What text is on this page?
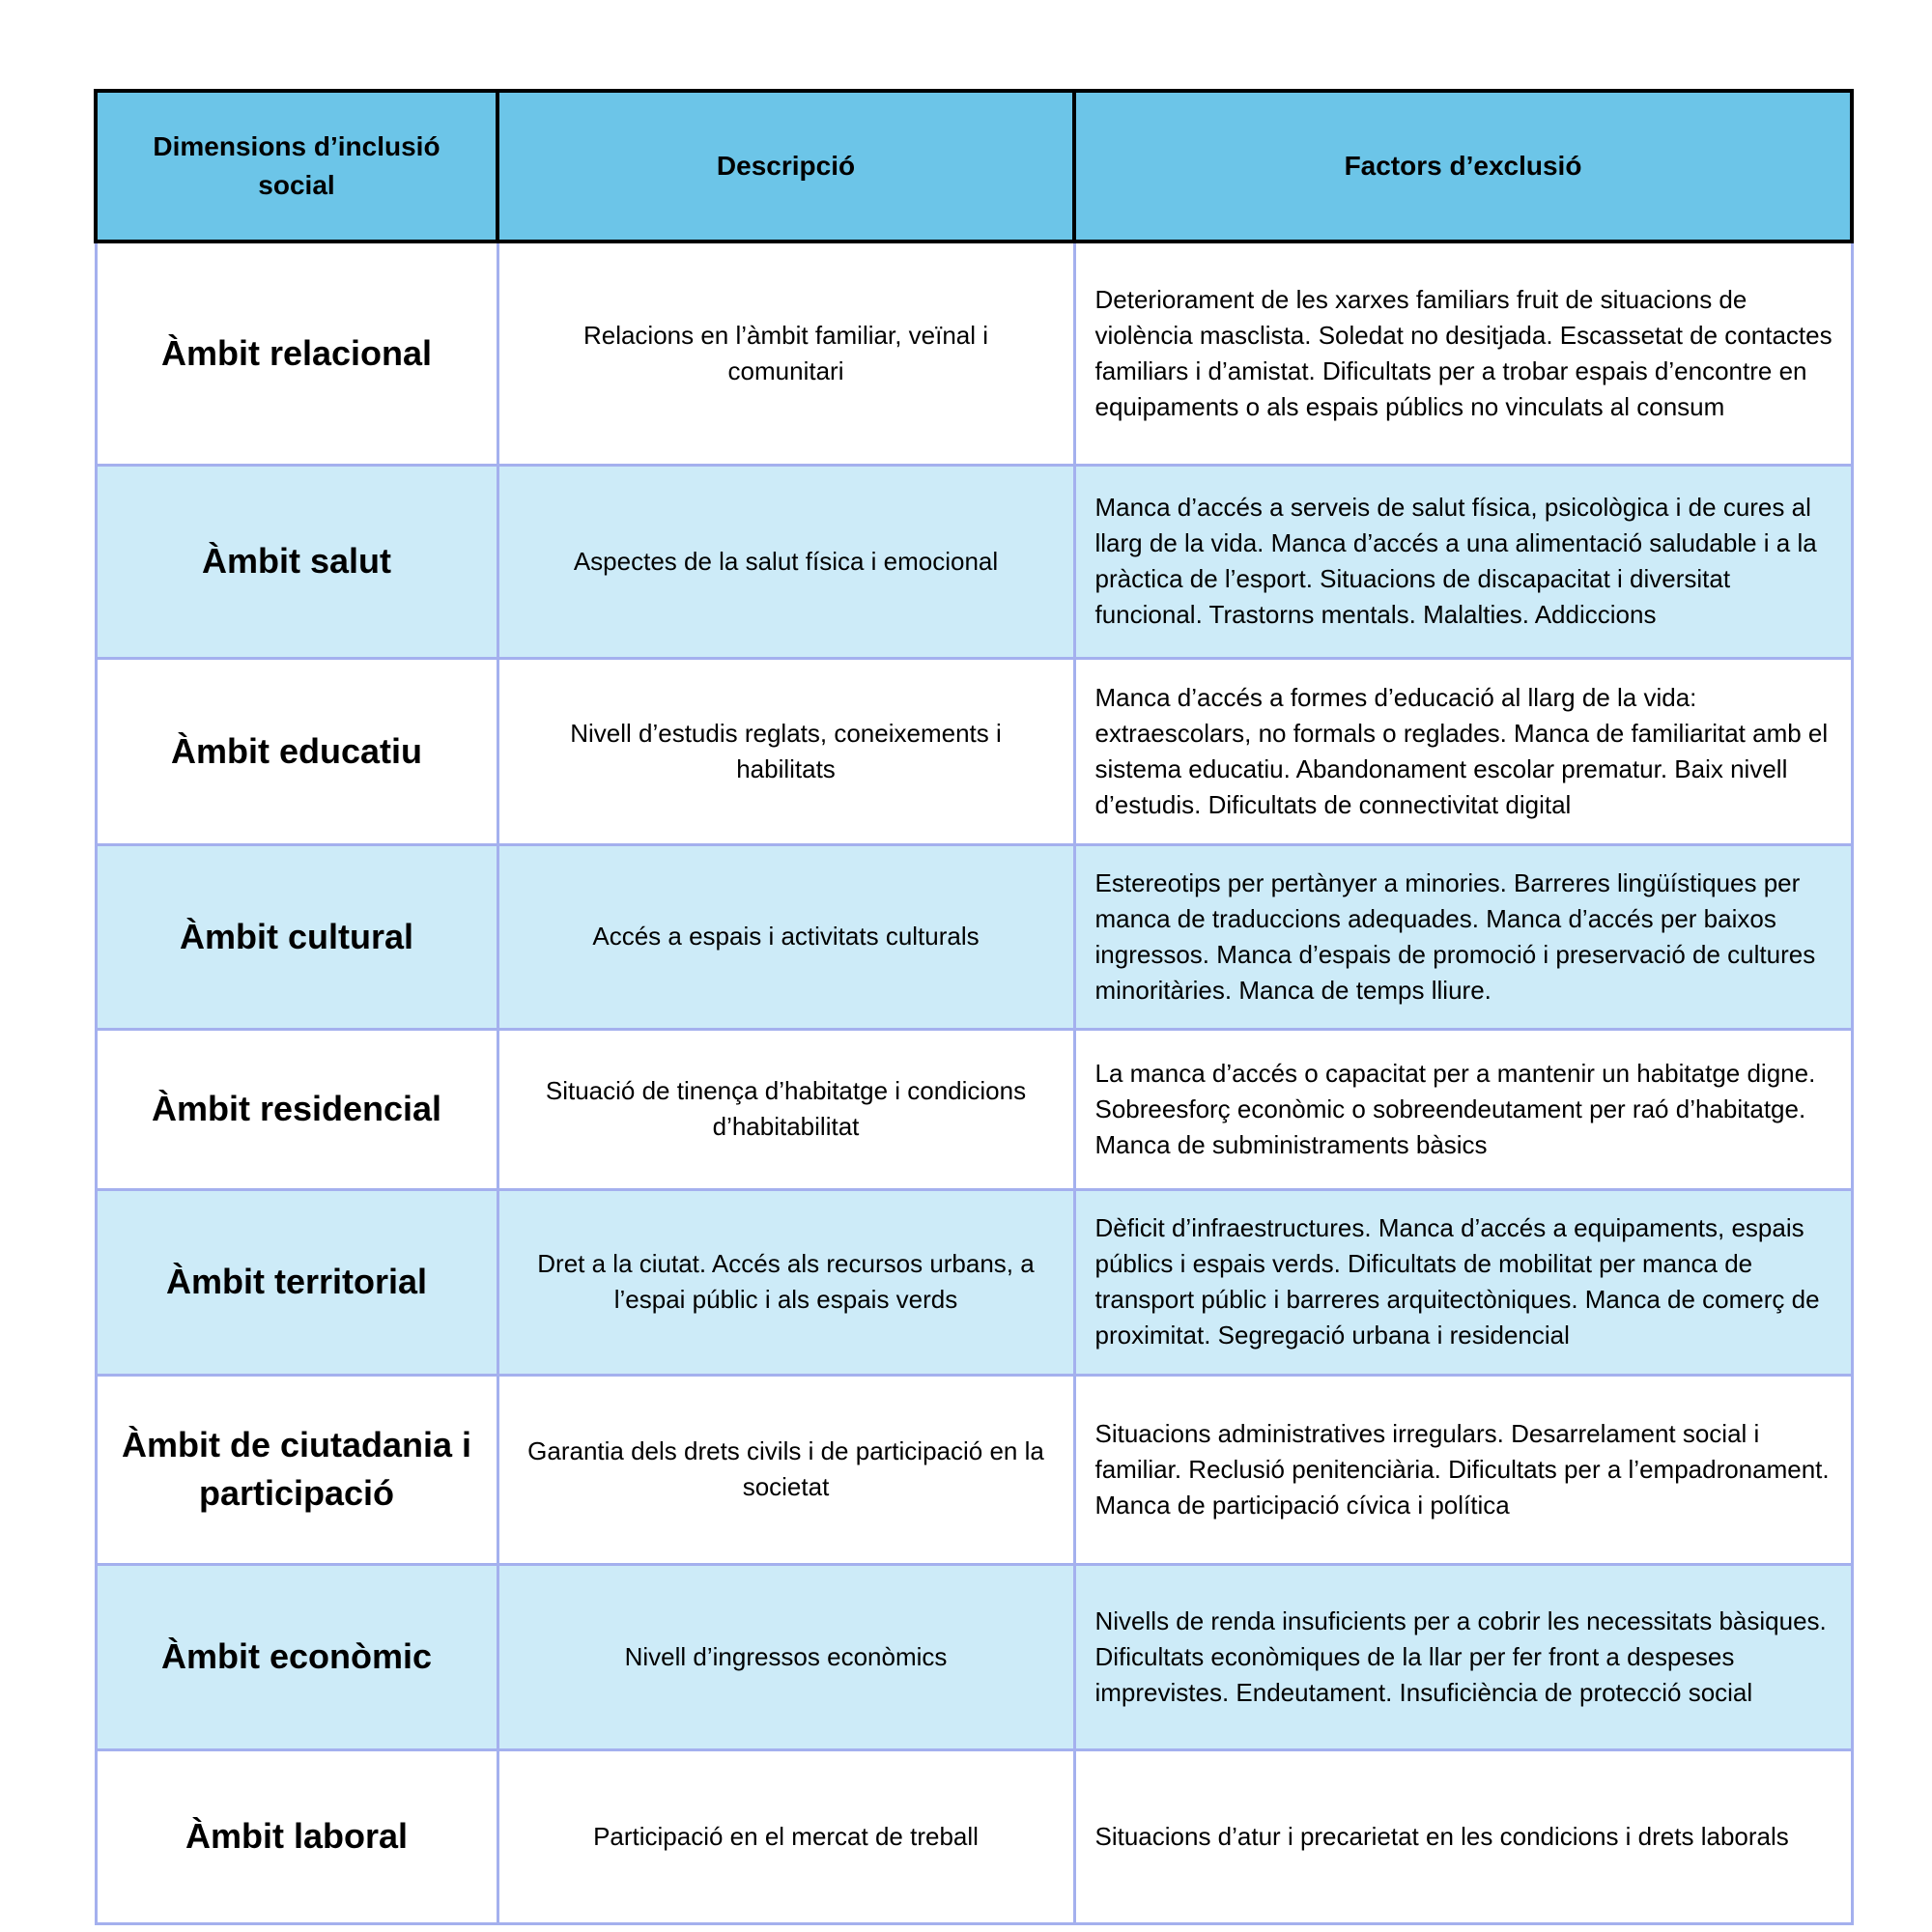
Dimensions d’inclusió social	Descripció	Factors d’exclusió
Àmbit relacional	Relacions en l’àmbit familiar, veïnal i comunitari	Deteriorament de les xarxes familiars fruit de situacions de violència masclista. Soledat no desitjada. Escassetat de contactes familiars i d’amistat. Dificultats per a trobar espais d’encontre en equipaments o als espais públics no vinculats al consum
Àmbit salut	Aspectes de la salut física i emocional	Manca d’accés a serveis de salut física, psicològica i de cures al llarg de la vida. Manca d’accés a una alimentació saludable i a la pràctica de l’esport. Situacions de discapacitat i diversitat funcional. Trastorns mentals. Malalties. Addiccions
Àmbit educatiu	Nivell d’estudis reglats, coneixements i habilitats	Manca d’accés a formes d’educació al llarg de la vida: extraescolars, no formals o reglades. Manca de familiaritat amb el sistema educatiu. Abandonament escolar prematur. Baix nivell d’estudis. Dificultats de connectivitat digital
Àmbit cultural	Accés a espais i activitats culturals	Estereotips per pertànyer a minories. Barreres lingüístiques per manca de traduccions adequades. Manca d’accés per baixos ingressos. Manca d’espais de promoció i preservació de cultures minoritàries. Manca de temps lliure.
Àmbit residencial	Situació de tinença d’habitatge i condicions d’habitabilitat	La manca d’accés o capacitat per a mantenir un habitatge digne. Sobreesforç econòmic o sobreendeutament per raó d’habitatge. Manca de subministraments bàsics
Àmbit territorial	Dret a la ciutat. Accés als recursos urbans, a l’espai públic i als espais verds	Dèficit d’infraestructures. Manca d’accés a equipaments, espais públics i espais verds. Dificultats de mobilitat per manca de transport públic i barreres arquitectòniques. Manca de comerç de proximitat. Segregació urbana i residencial
Àmbit de ciutadania i participació	Garantia dels drets civils i de participació en la societat	Situacions administratives irregulars. Desarrelament social i familiar. Reclusió penitenciària. Dificultats per a l’empadronament. Manca de participació cívica i política
Àmbit econòmic	Nivell d’ingressos econòmics	Nivells de renda insuficients per a cobrir les necessitats bàsiques. Dificultats econòmiques de la llar per fer front a despeses imprevistes. Endeutament. Insuficiència de protecció social
Àmbit laboral	Participació en el mercat de treball	Situacions d’atur i precarietat en les condicions i drets laborals
